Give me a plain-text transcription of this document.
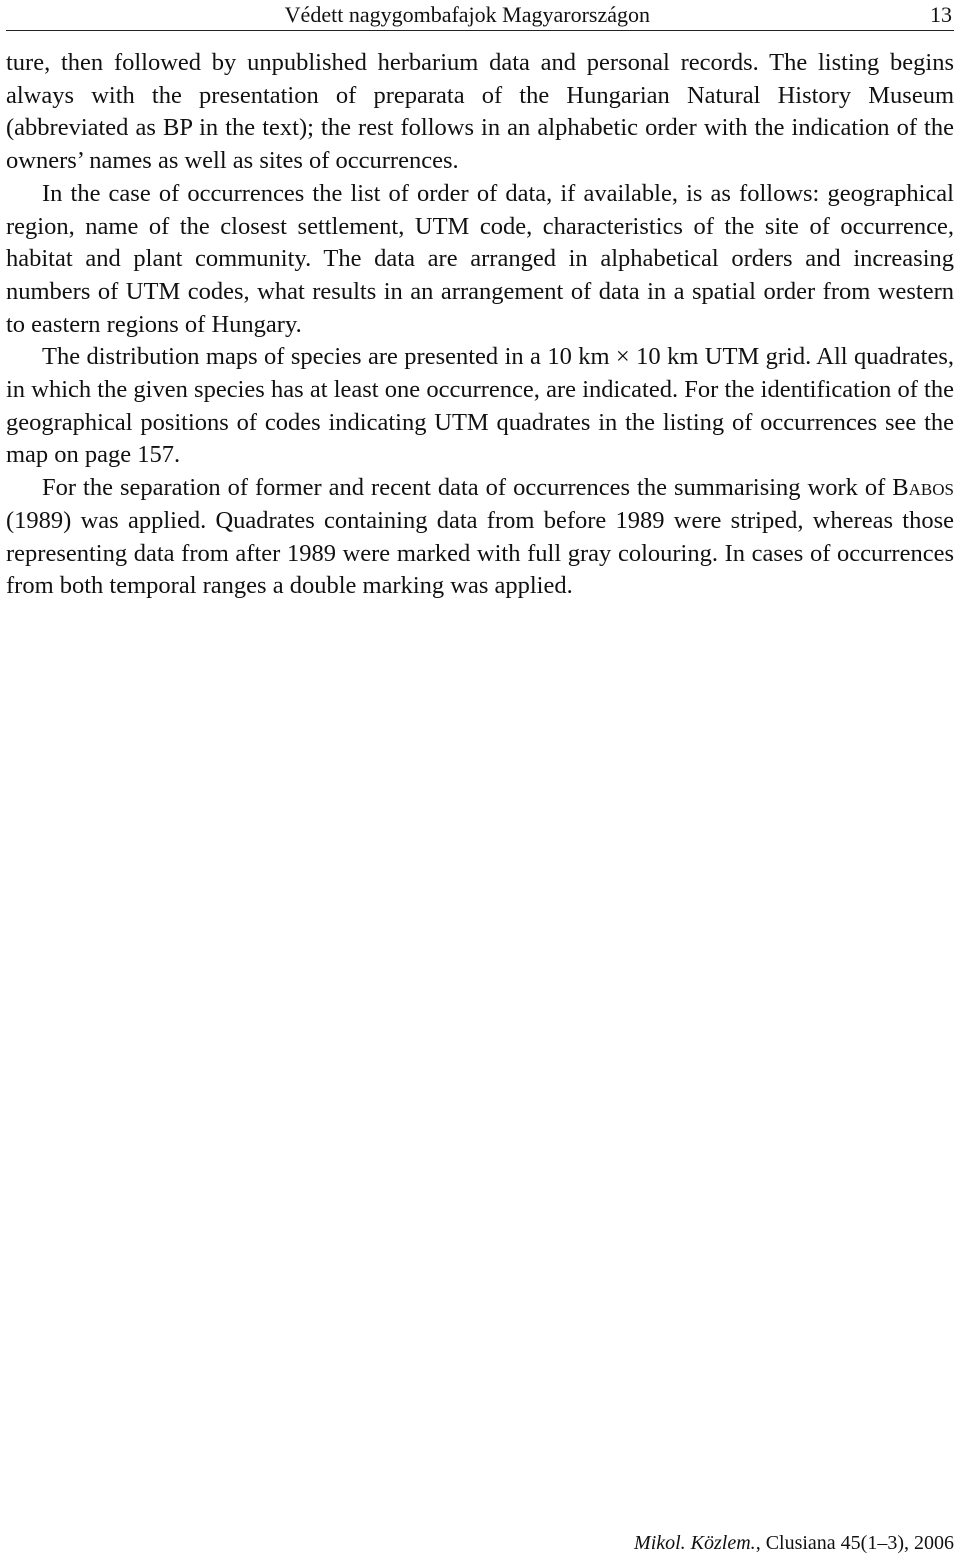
Védett nagygombafajok Magyarországon	13

ture, then followed by unpublished herbarium data and personal records. The listing begins always with the presentation of preparata of the Hungarian Natural History Museum (abbreviated as BP in the text); the rest follows in an alphabetic order with the indication of the owners’ names as well as sites of occurrences.

In the case of occurrences the list of order of data, if available, is as follows: geographical region, name of the closest settlement, UTM code, characteristics of the site of occurrence, habitat and plant community. The data are arranged in alphabetical orders and increasing numbers of UTM codes, what results in an arrangement of data in a spatial order from western to eastern regions of Hungary.

The distribution maps of species are presented in a 10 km × 10 km UTM grid. All quadrates, in which the given species has at least one occurrence, are indicated. For the identification of the geographical positions of codes indicating UTM quadrates in the listing of occurrences see the map on page 157.

For the separation of former and recent data of occurrences the summarising work of Babos (1989) was applied. Quadrates containing data from before 1989 were striped, whereas those representing data from after 1989 were marked with full gray colouring. In cases of occurrences from both temporal ranges a double marking was applied.

Mikol. Közlem., Clusiana 45(1–3), 2006
